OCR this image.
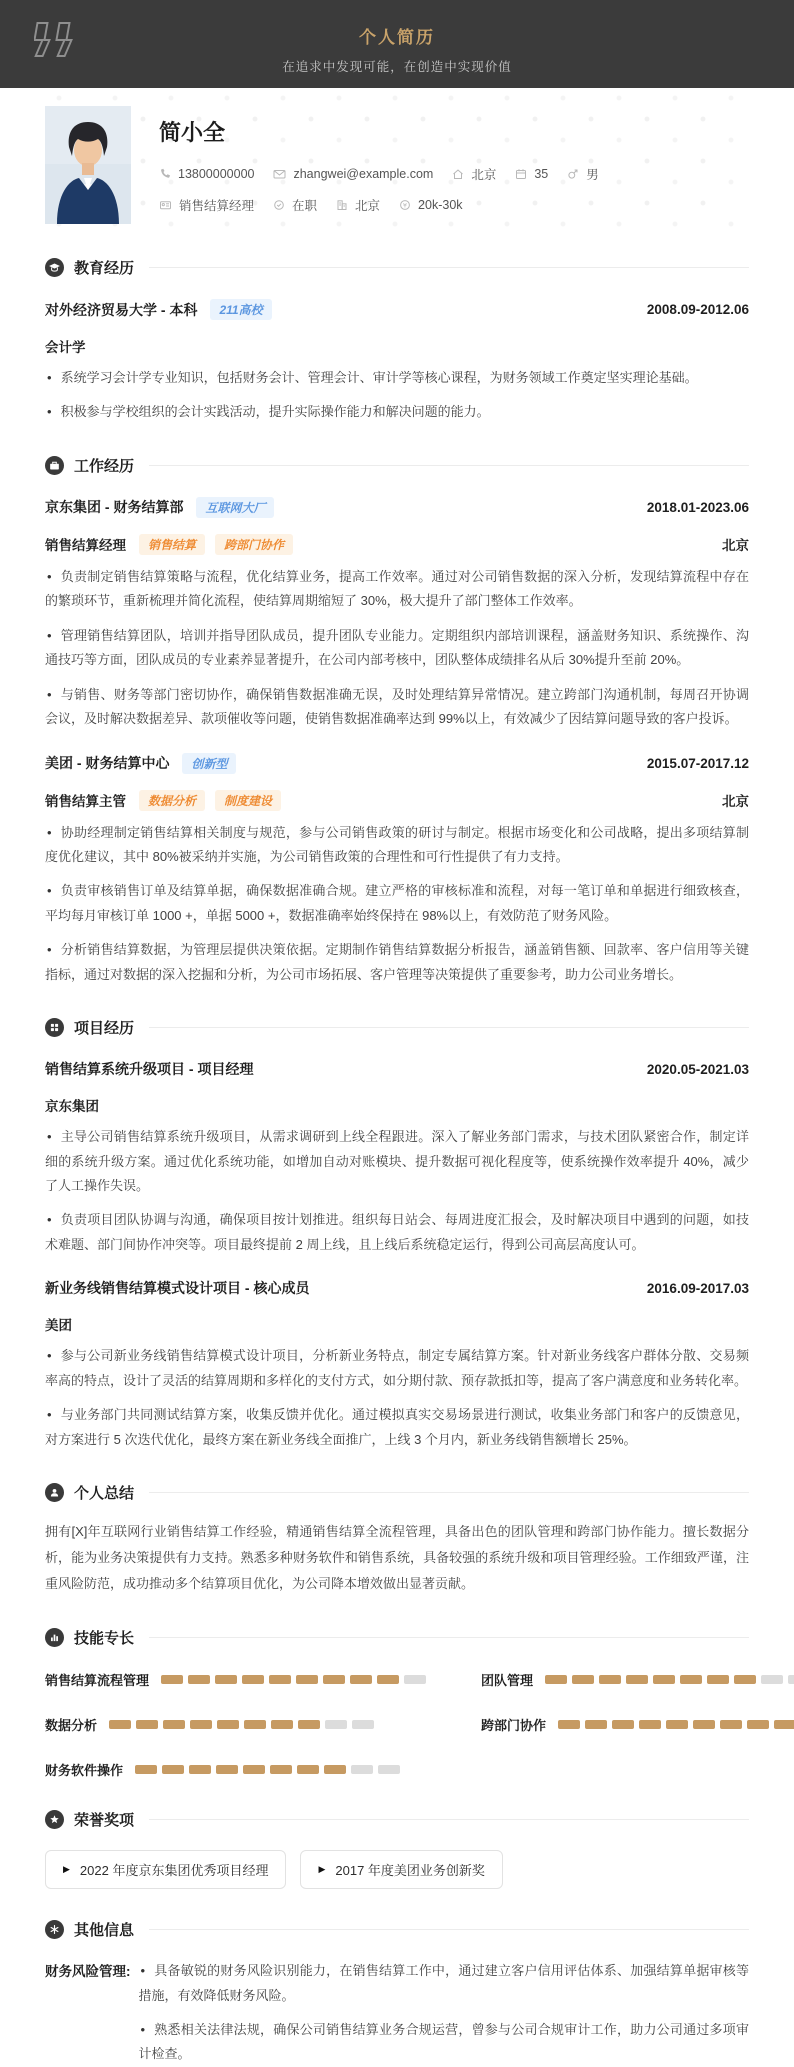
个人简历
在追求中发现可能，在创造中实现价值
简小全
13800000000	zhangwei@example.com	北京	35	男
销售结算经理	在职	北京	¥ 20k-30k
教育经历
对外经济贸易大学 - 本科	211高校	2008.09-2012.06
会计学

• 系统学习会计学专业知识，包括财务会计、管理会计、审计学等核心课程，为财务领域工作奠定坚实理论基础。

• 积极参与学校组织的会计实践活动，提升实际操作能力和解决问题的能力。

工作经历
京东集团 - 财务结算部	互联网大厂	2018.01-2023.06
销售结算经理	销售结算	跨部门协作	北京

• 负责制定销售结算策略与流程，优化结算业务，提高工作效率。通过对公司销售数据的深入分析，发现结算流程中存在的繁琐环节，重新梳理并简化流程，使结算周期缩短了 30%，极大提升了部门整体工作效率。

• 管理销售结算团队，培训并指导团队成员，提升团队专业能力。定期组织内部培训课程，涵盖财务知识、系统操作、沟通技巧等方面，团队成员的专业素养显著提升，在公司内部考核中，团队整体成绩排名从后 30%提升至前 20%。

• 与销售、财务等部门密切协作，确保销售数据准确无误，及时处理结算异常情况。建立跨部门沟通机制，每周召开协调会议，及时解决数据差异、款项催收等问题，使销售数据准确率达到 99%以上，有效减少了因结算问题导致的客户投诉。

美团 - 财务结算中心	创新型	2015.07-2017.12
销售结算主管	数据分析	制度建设	北京

• 协助经理制定销售结算相关制度与规范，参与公司销售政策的研讨与制定。根据市场变化和公司战略，提出多项结算制度优化建议，其中 80%被采纳并实施，为公司销售政策的合理性和可行性提供了有力支持。

• 负责审核销售订单及结算单据，确保数据准确合规。建立严格的审核标准和流程，对每一笔订单和单据进行细致核查，平均每月审核订单 1000 +，单据 5000 +，数据准确率始终保持在 98%以上，有效防范了财务风险。

• 分析销售结算数据，为管理层提供决策依据。定期制作销售结算数据分析报告，涵盖销售额、回款率、客户信用等关键指标，通过对数据的深入挖掘和分析，为公司市场拓展、客户管理等决策提供了重要参考，助力公司业务增长。

项目经历
销售结算系统升级项目 - 项目经理	2020.05-2021.03
京东集团

• 主导公司销售结算系统升级项目，从需求调研到上线全程跟进。深入了解业务部门需求，与技术团队紧密合作，制定详细的系统升级方案。通过优化系统功能，如增加自动对账模块、提升数据可视化程度等，使系统操作效率提升 40%，减少了人工操作失误。

• 负责项目团队协调与沟通，确保项目按计划推进。组织每日站会、每周进度汇报会，及时解决项目中遇到的问题，如技术难题、部门间协作冲突等。项目最终提前 2 周上线，且上线后系统稳定运行，得到公司高层高度认可。

新业务线销售结算模式设计项目 - 核心成员	2016.09-2017.03
美团

• 参与公司新业务线销售结算模式设计项目，分析新业务特点，制定专属结算方案。针对新业务线客户群体分散、交易频率高的特点，设计了灵活的结算周期和多样化的支付方式，如分期付款、预存款抵扣等，提高了客户满意度和业务转化率。

• 与业务部门共同测试结算方案，收集反馈并优化。通过模拟真实交易场景进行测试，收集业务部门和客户的反馈意见，对方案进行 5 次迭代优化，最终方案在新业务线全面推广，上线 3 个月内，新业务线销售额增长 25%。

个人总结

拥有[X]年互联网行业销售结算工作经验，精通销售结算全流程管理，具备出色的团队管理和跨部门协作能力。擅长数据分析，能为业务决策提供有力支持。熟悉多种财务软件和销售系统，具备较强的系统升级和项目管理经验。工作细致严谨，注重风险防范，成功推动多个结算项目优化，为公司降本增效做出显著贡献。

技能专长
销售结算流程管理	团队管理
数据分析	跨部门协作
财务软件操作
荣誉奖项
▶ 2022 年度京东集团优秀项目经理	▶ 2017 年度美团业务创新奖
其他信息
财务风险管理: • 具备敏锐的财务风险识别能力，在销售结算工作中，通过建立客户信用评估体系、加强结算单据审核等措施，有效降低财务风险。

• 熟悉相关法律法规，确保公司销售结算业务合规运营，曾参与公司合规审计工作，助力公司通过多项审计检查。
